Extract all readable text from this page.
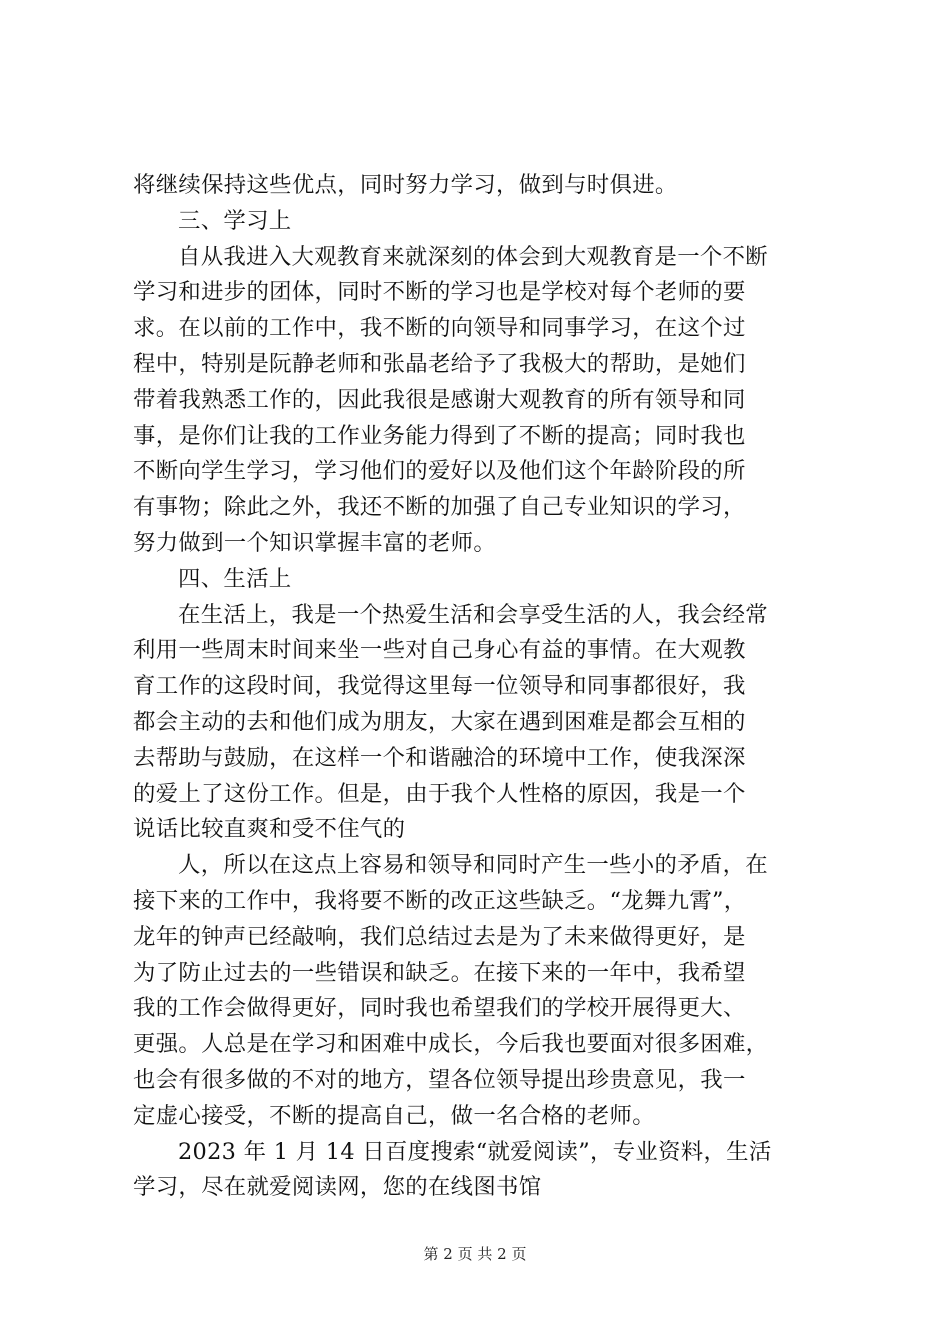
将继续保持这些优点，同时努力学习，做到与时俱进。
三、学习上
自从我进入大观教育来就深刻的体会到大观教育是一个不断
学习和进步的团体，同时不断的学习也是学校对每个老师的要
求。在以前的工作中，我不断的向领导和同事学习，在这个过
程中，特别是阮静老师和张晶老给予了我极大的帮助，是她们
带着我熟悉工作的，因此我很是感谢大观教育的所有领导和同
事，是你们让我的工作业务能力得到了不断的提高；同时我也
不断向学生学习，学习他们的爱好以及他们这个年龄阶段的所
有事物；除此之外，我还不断的加强了自己专业知识的学习，
努力做到一个知识掌握丰富的老师。
四、生活上
在生活上，我是一个热爱生活和会享受生活的人，我会经常
利用一些周末时间来坐一些对自己身心有益的事情。在大观教
育工作的这段时间，我觉得这里每一位领导和同事都很好，我
都会主动的去和他们成为朋友，大家在遇到困难是都会互相的
去帮助与鼓励，在这样一个和谐融洽的环境中工作，使我深深
的爱上了这份工作。但是，由于我个人性格的原因，我是一个
说话比较直爽和受不住气的
人，所以在这点上容易和领导和同时产生一些小的矛盾，在
接下来的工作中，我将要不断的改正这些缺乏。“龙舞九霄”，
龙年的钟声已经敲响，我们总结过去是为了未来做得更好，是
为了防止过去的一些错误和缺乏。在接下来的一年中，我希望
我的工作会做得更好，同时我也希望我们的学校开展得更大、
更强。人总是在学习和困难中成长，今后我也要面对很多困难，
也会有很多做的不对的地方，望各位领导提出珍贵意见，我一
定虚心接受，不断的提高自己，做一名合格的老师。
2023 年 1 月 14 日百度搜索“就爱阅读”，专业资料，生活
学习，尽在就爱阅读网，您的在线图书馆
第 2 页 共 2 页
